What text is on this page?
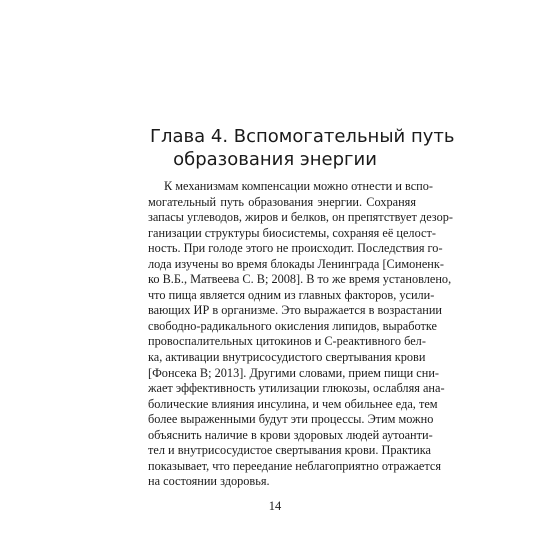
Глава 4. Вспомогательный путь
образования энергии
К механизмам компенсации можно отнести и вспо-
могательный путь образования энергии. Сохраняя
запасы углеводов, жиров и белков, он препятствует дезор-
ганизации структуры биосистемы, сохраняя её целост-
ность. При голоде этого не происходит. Последствия го-
лода изучены во время блокады Ленинграда [Симоненк-
ко В.Б., Матвеева С. В; 2008]. В то же время установлено,
что пища является одним из главных факторов, усили-
вающих ИР в организме. Это выражается в возрастании
свободно-радикального окисления липидов, выработке
провоспалительных цитокинов и С-реактивного бел-
ка, активации внутрисосудистого свертывания крови
[Фонсека В; 2013]. Другими словами, прием пищи сни-
жает эффективность утилизации глюкозы, ослабляя ана-
болические влияния инсулина, и чем обильнее еда, тем
более выраженными будут эти процессы. Этим можно
объяснить наличие в крови здоровых людей аутоанти-
тел и внутрисосудистое свертывания крови. Практика
показывает, что переедание неблагоприятно отражается
на состоянии здоровья.
14
